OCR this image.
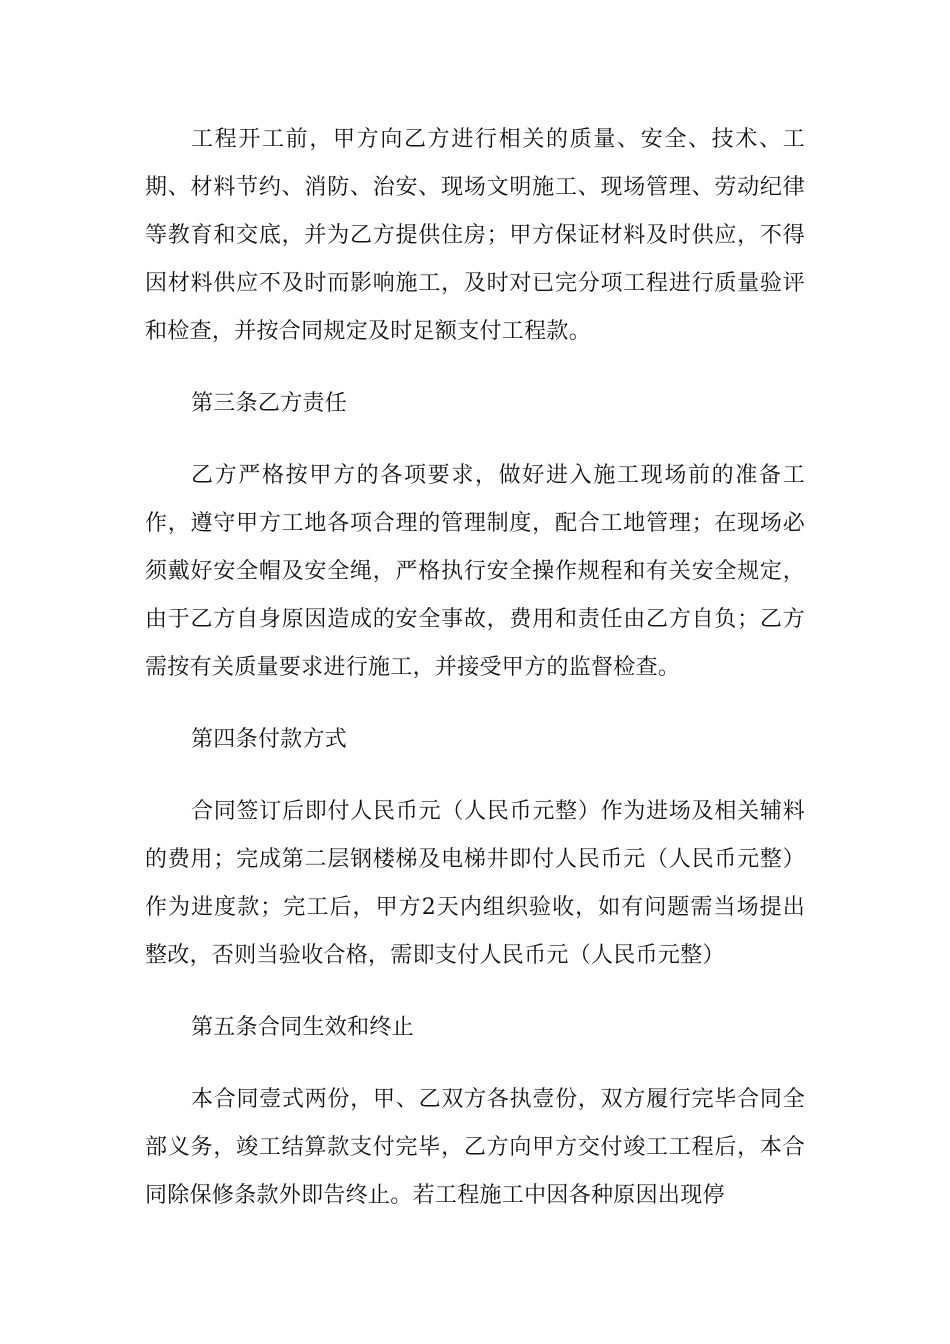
工程开工前，甲方向乙方进行相关的质量、安全、技术、工期、材料节约、消防、治安、现场文明施工、现场管理、劳动纪律等教育和交底，并为乙方提供住房；甲方保证材料及时供应，不得因材料供应不及时而影响施工，及时对已完分项工程进行质量验评和检查，并按合同规定及时足额支付工程款。

第三条乙方责任

乙方严格按甲方的各项要求，做好进入施工现场前的准备工作，遵守甲方工地各项合理的管理制度，配合工地管理；在现场必须戴好安全帽及安全绳，严格执行安全操作规程和有关安全规定，由于乙方自身原因造成的安全事故，费用和责任由乙方自负；乙方需按有关质量要求进行施工，并接受甲方的监督检查。

第四条付款方式

合同签订后即付人民币元（人民币元整）作为进场及相关辅料的费用；完成第二层钢楼梯及电梯井即付人民币元（人民币元整）作为进度款；完工后，甲方2天内组织验收，如有问题需当场提出整改，否则当验收合格，需即支付人民币元（人民币元整）

第五条合同生效和终止

本合同壹式两份，甲、乙双方各执壹份，双方履行完毕合同全部义务，竣工结算款支付完毕，乙方向甲方交付竣工工程后，本合同除保修条款外即告终止。若工程施工中因各种原因出现停
